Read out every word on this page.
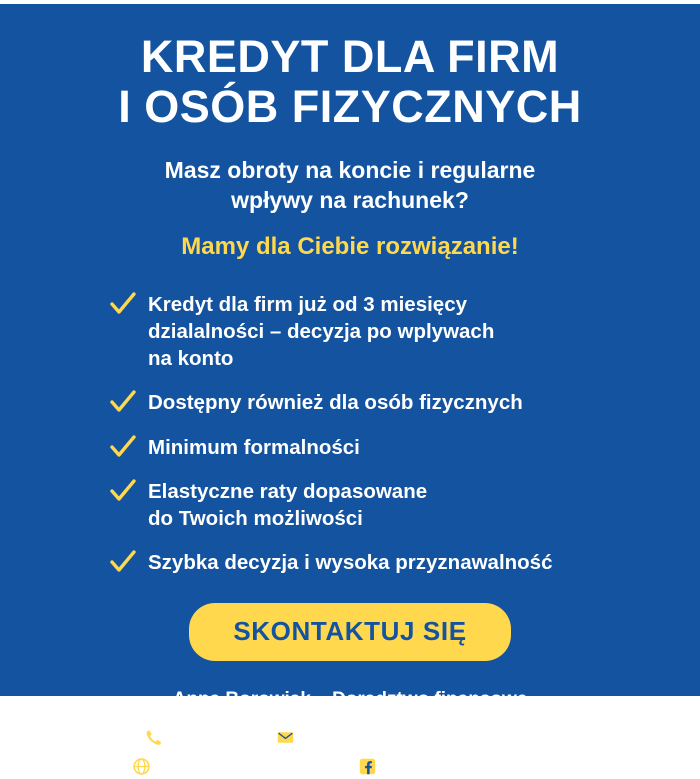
KREDYT DLA FIRM
I OSÓB FIZYCZNYCH
Masz obroty na koncie i regularne
wpływy na rachunek?
Mamy dla Ciebie rozwiązanie!
Kredyt dla firm już od 3 miesięcy
dzialalności – decyzja po wplywach
na konto
Dostępny również dla osób fizycznych
Minimum formalności
Elastyczne raty dopasowane
do Twoich możliwości
Szybka decyzja i wysoka przyznawalność
SKONTAKTUJ SIĘ
Anna Borowiak – Doradztwo finansowe
796-204-711	anna.borowiak@kredyty-borowiak.pl
www.kredyty-borowiak.pl	facebook.com/kredytydlap
